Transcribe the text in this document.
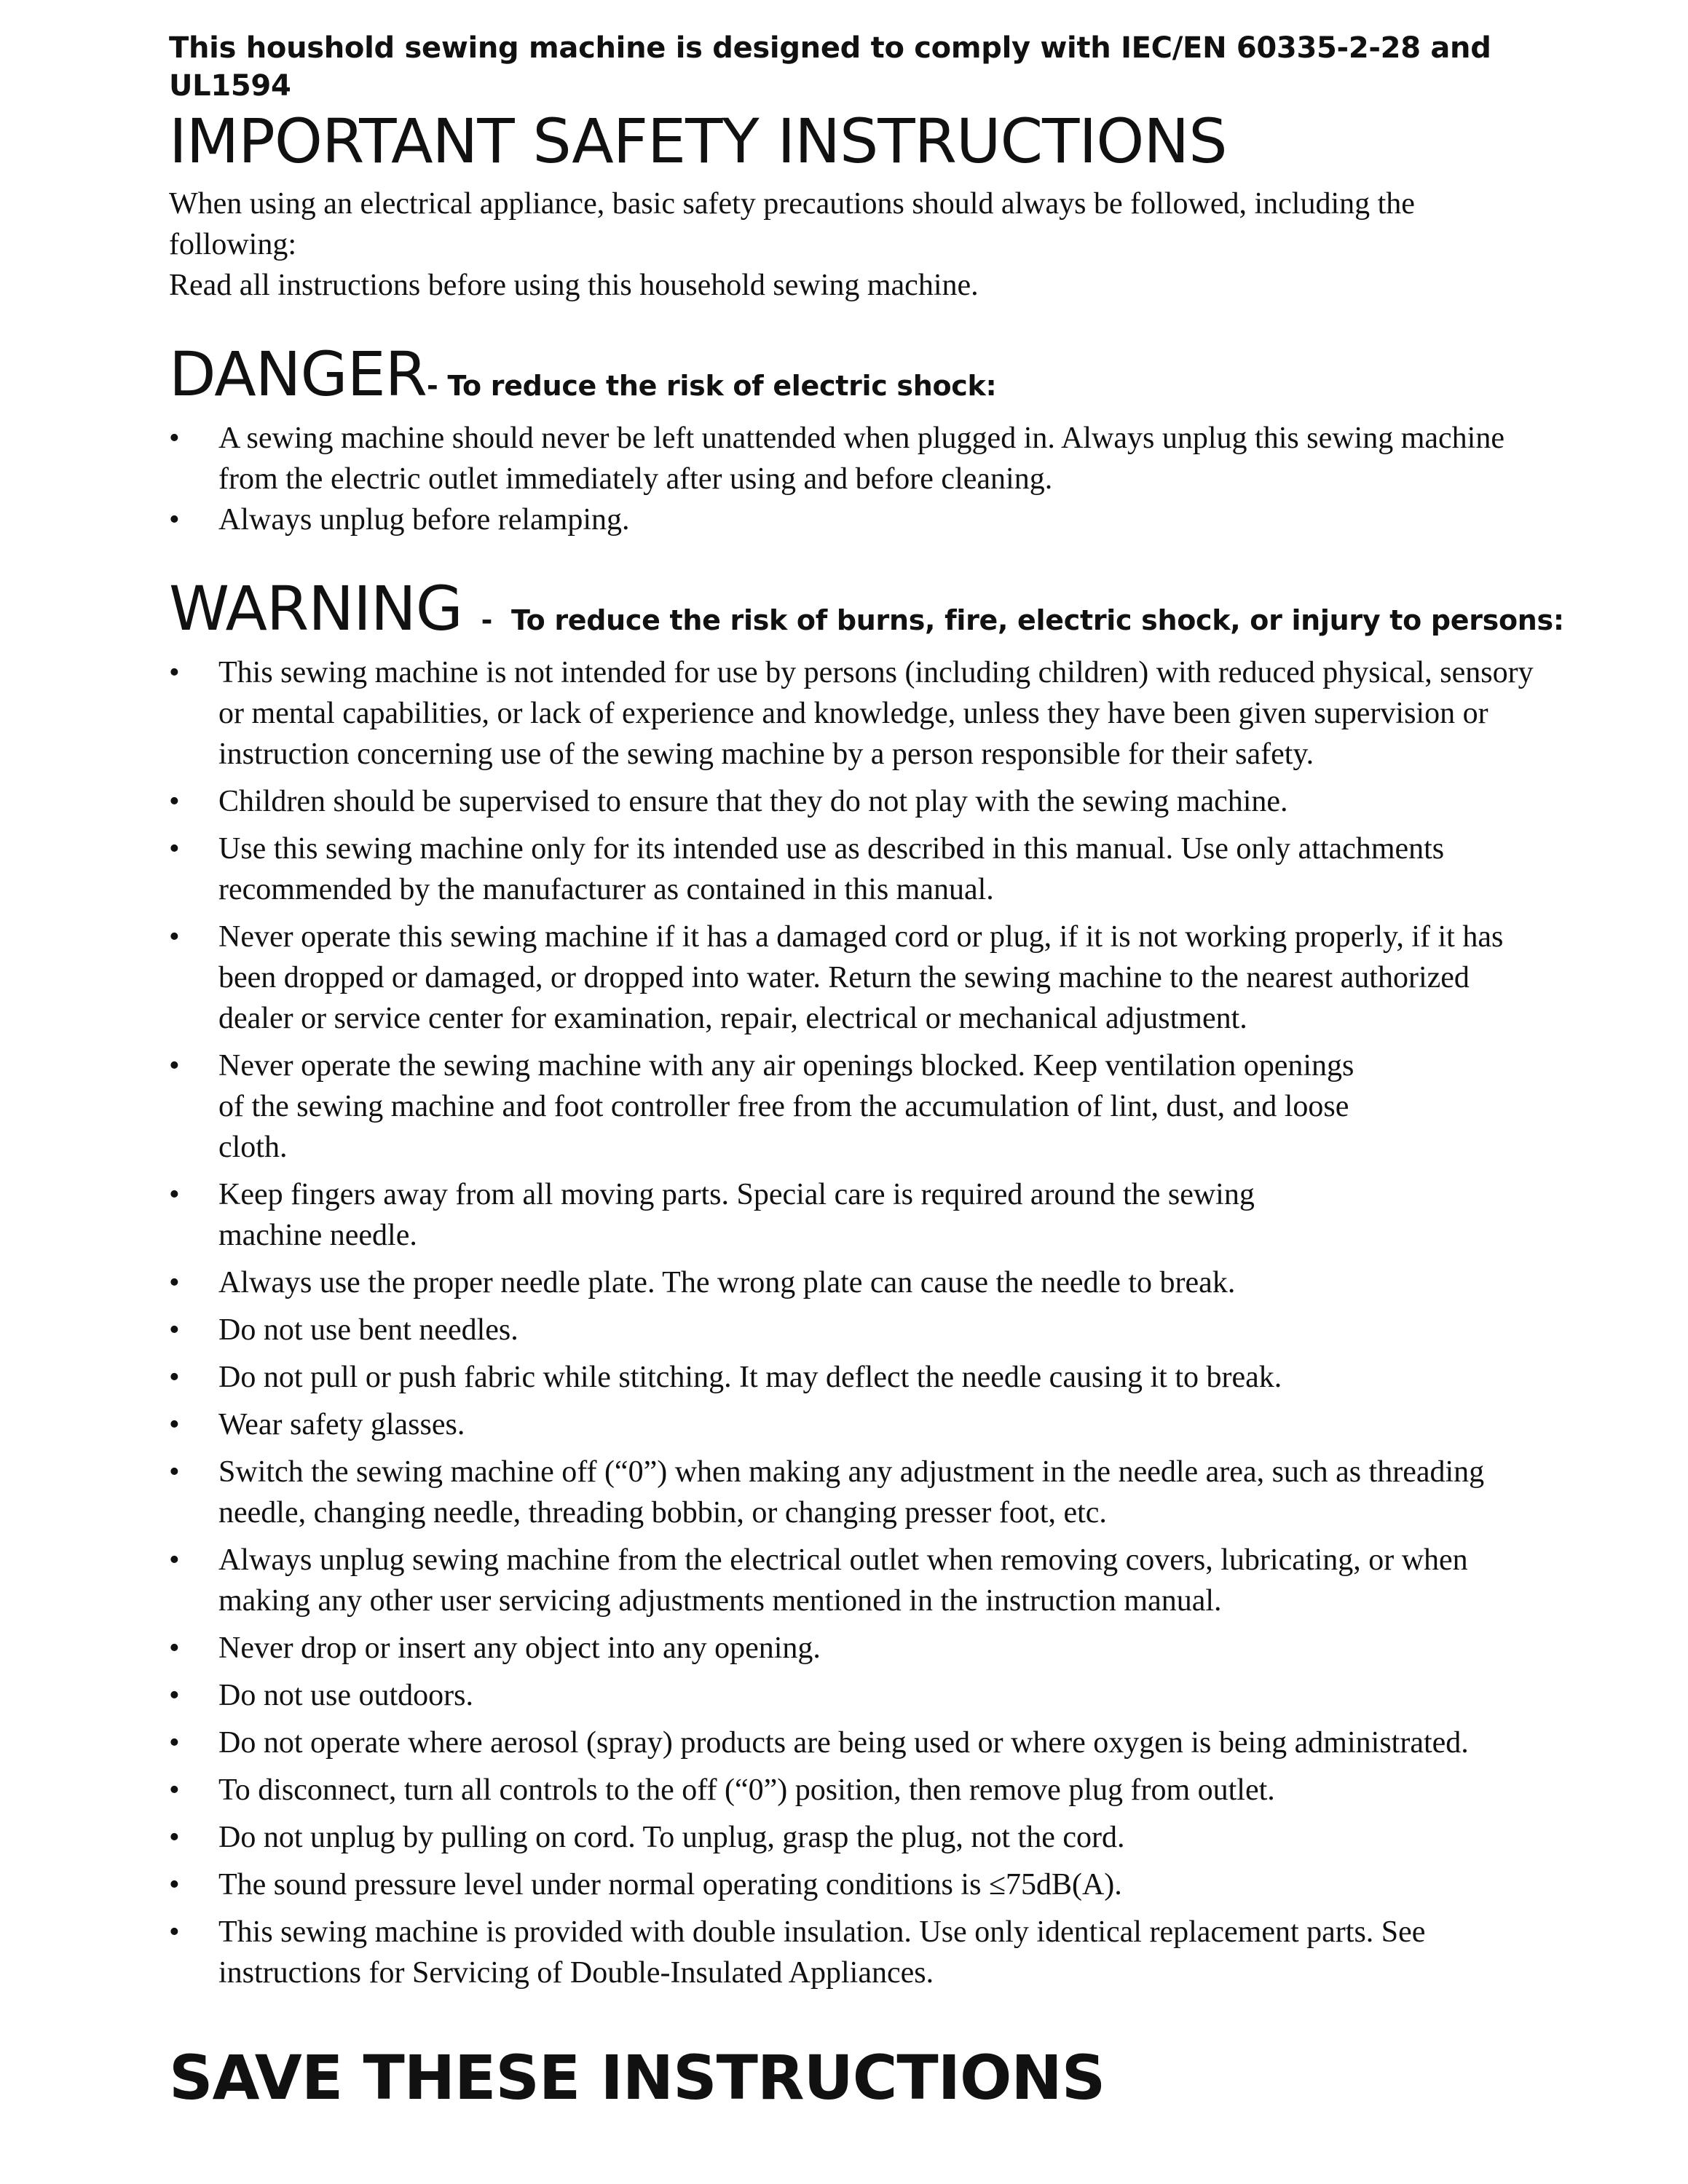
This houshold sewing machine is designed to comply with IEC/EN 60335-2-28 and UL1594

IMPORTANT SAFETY INSTRUCTIONS

When using an electrical appliance, basic safety precautions should always be followed, including the following:

Read all instructions before using this household sewing machine.

DANGER - To reduce the risk of electric shock:
• A sewing machine should never be left unattended when plugged in. Always unplug this sewing machine from the electric outlet immediately after using and before cleaning.
• Always unplug before relamping.
WARNING -  To reduce the risk of burns, fire, electric shock, or injury to persons:
• This sewing machine is not intended for use by persons (including children) with reduced physical, sensory or mental capabilities, or lack of experience and knowledge, unless they have been given supervision or instruction concerning use of the sewing machine by a person responsible for their safety.
• Children should be supervised to ensure that they do not play with the sewing machine.
• Use this sewing machine only for its intended use as described in this manual. Use only attachments recommended by the manufacturer as contained in this manual.
• Never operate this sewing machine if it has a damaged cord or plug, if it is not working properly, if it has been dropped or damaged, or dropped into water. Return the sewing machine to the nearest authorized dealer or service center for examination, repair, electrical or mechanical adjustment.
• Never operate the sewing machine with any air openings blocked. Keep ventilation openings of the sewing machine and foot controller free from the accumulation of lint, dust, and loose cloth.
• Keep fingers away from all moving parts. Special care is required around the sewing machine needle.
• Always use the proper needle plate. The wrong plate can cause the needle to break.
• Do not use bent needles.
• Do not pull or push fabric while stitching. It may deflect the needle causing it to break.
• Wear safety glasses.
• Switch the sewing machine off (“0”) when making any adjustment in the needle area, such as threading needle, changing needle, threading bobbin, or changing presser foot, etc.
• Always unplug sewing machine from the electrical outlet when removing covers, lubricating, or when making any other user servicing adjustments mentioned in the instruction manual.
• Never drop or insert any object into any opening.
• Do not use outdoors.
• Do not operate where aerosol (spray) products are being used or where oxygen is being administrated.
• To disconnect, turn all controls to the off (“0”) position, then remove plug from outlet.
• Do not unplug by pulling on cord. To unplug, grasp the plug, not the cord.
• The sound pressure level under normal operating conditions is ≤75dB(A).
• This sewing machine is provided with double insulation. Use only identical replacement parts. See instructions for Servicing of Double-Insulated Appliances.
SAVE THESE INSTRUCTIONS
